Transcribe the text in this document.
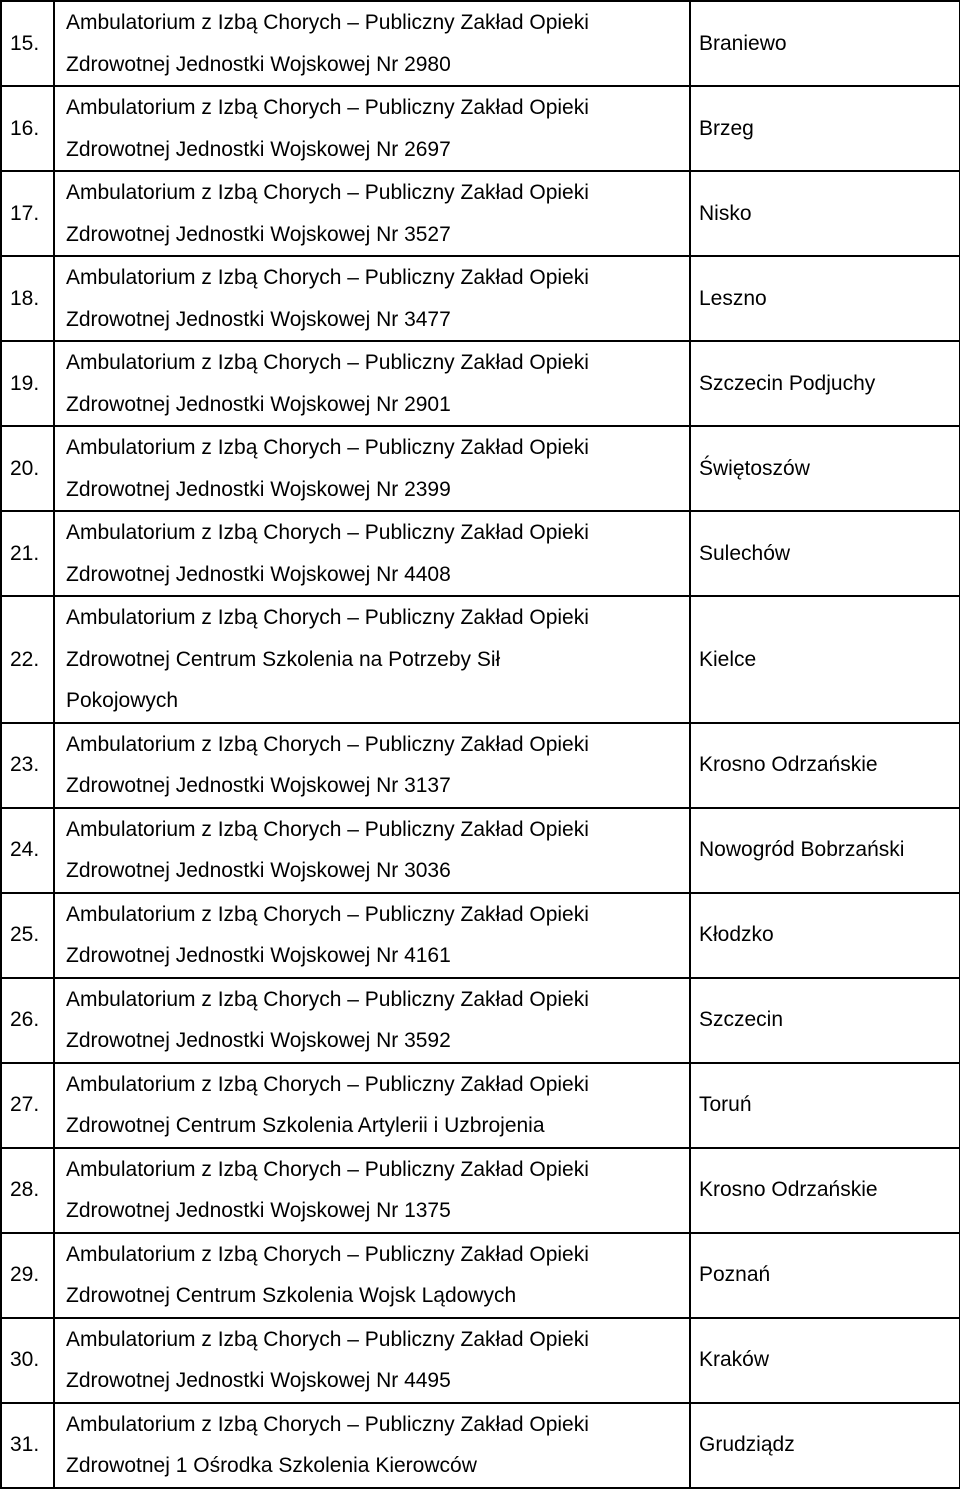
15.	Ambulatorium z Izbą Chorych – Publiczny Zakład Opieki
Zdrowotnej Jednostki Wojskowej Nr 2980	Braniewo
16.	Ambulatorium z Izbą Chorych – Publiczny Zakład Opieki
Zdrowotnej Jednostki Wojskowej Nr 2697	Brzeg
17.	Ambulatorium z Izbą Chorych – Publiczny Zakład Opieki
Zdrowotnej Jednostki Wojskowej Nr 3527	Nisko
18.	Ambulatorium z Izbą Chorych – Publiczny Zakład Opieki
Zdrowotnej Jednostki Wojskowej Nr 3477	Leszno
19.	Ambulatorium z Izbą Chorych – Publiczny Zakład Opieki
Zdrowotnej Jednostki Wojskowej Nr 2901	Szczecin Podjuchy
20.	Ambulatorium z Izbą Chorych – Publiczny Zakład Opieki
Zdrowotnej Jednostki Wojskowej Nr 2399	Świętoszów
21.	Ambulatorium z Izbą Chorych – Publiczny Zakład Opieki
Zdrowotnej Jednostki Wojskowej Nr 4408	Sulechów
22.	Ambulatorium z Izbą Chorych – Publiczny Zakład Opieki
Zdrowotnej Centrum Szkolenia na Potrzeby Sił
Pokojowych	Kielce
23.	Ambulatorium z Izbą Chorych – Publiczny Zakład Opieki
Zdrowotnej Jednostki Wojskowej Nr 3137	Krosno Odrzańskie
24.	Ambulatorium z Izbą Chorych – Publiczny Zakład Opieki
Zdrowotnej Jednostki Wojskowej Nr 3036	Nowogród Bobrzański
25.	Ambulatorium z Izbą Chorych – Publiczny Zakład Opieki
Zdrowotnej Jednostki Wojskowej Nr 4161	Kłodzko
26.	Ambulatorium z Izbą Chorych – Publiczny Zakład Opieki
Zdrowotnej Jednostki Wojskowej Nr 3592	Szczecin
27.	Ambulatorium z Izbą Chorych – Publiczny Zakład Opieki
Zdrowotnej Centrum Szkolenia Artylerii i Uzbrojenia	Toruń
28.	Ambulatorium z Izbą Chorych – Publiczny Zakład Opieki
Zdrowotnej Jednostki Wojskowej Nr 1375	Krosno Odrzańskie
29.	Ambulatorium z Izbą Chorych – Publiczny Zakład Opieki
Zdrowotnej Centrum Szkolenia Wojsk Lądowych	Poznań
30.	Ambulatorium z Izbą Chorych – Publiczny Zakład Opieki
Zdrowotnej Jednostki Wojskowej Nr 4495	Kraków
31.	Ambulatorium z Izbą Chorych – Publiczny Zakład Opieki
Zdrowotnej 1 Ośrodka Szkolenia Kierowców	Grudziądz
